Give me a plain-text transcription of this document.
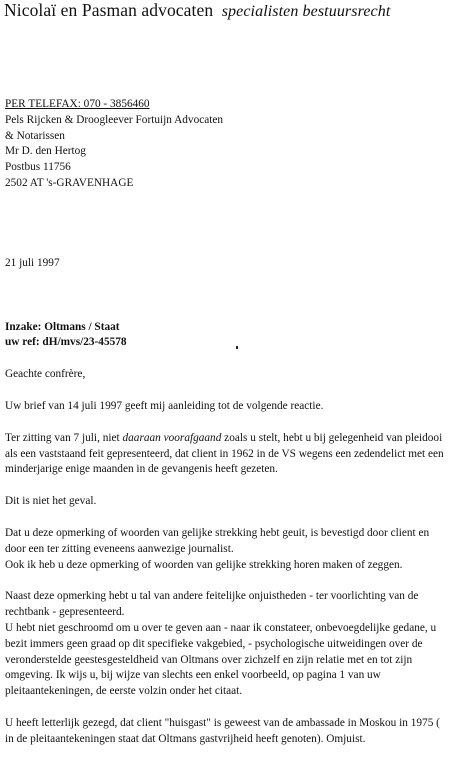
Nicolaï en Pasman advocaten specialisten bestuursrecht

PER TELEFAX: 070 - 3856460

Pels Rijcken & Droogleever Fortuijn Advocaten

& Notarissen

Mr D. den Hertog

Postbus 11756

2502 AT 's-GRAVENHAGE

21 juli 1997

Inzake: Oltmans / Staat

uw ref: dH/mvs/23-45578

Geachte confrère,

Uw brief van 14 juli 1997 geeft mij aanleiding tot de volgende reactie.

Ter zitting van 7 juli, niet daaraan voorafgaand zoals u stelt, hebt u bij gelegenheid van pleidooi als een vaststaand feit gepresenteerd, dat client in 1962 in de VS wegens een zedendelict met een minderjarige enige maanden in de gevangenis heeft gezeten.

Dit is niet het geval.

Dat u deze opmerking of woorden van gelijke strekking hebt geuit, is bevestigd door client en door een ter zitting eveneens aanwezige journalist.

Ook ik heb u deze opmerking of woorden van gelijke strekking horen maken of zeggen.

Naast deze opmerking hebt u tal van andere feitelijke onjuistheden - ter voorlichting van de rechtbank - gepresenteerd.

U hebt niet geschroomd om u over te geven aan - naar ik constateer, onbevoegdelijke gedane, u bezit immers geen graad op dit specifieke vakgebied, - psychologische uitweidingen over de veronderstelde geestesgesteldheid van Oltmans over zichzelf en zijn relatie met en tot zijn omgeving. Ik wijs u, bij wijze van slechts een enkel voorbeeld, op pagina 1 van uw pleitaantekeningen, de eerste volzin onder het citaat.

U heeft letterlijk gezegd, dat client "huisgast" is geweest van de ambassade in Moskou in 1975 ( in de pleitaantekeningen staat dat Oltmans gastvrijheid heeft genoten). Omjuist.
